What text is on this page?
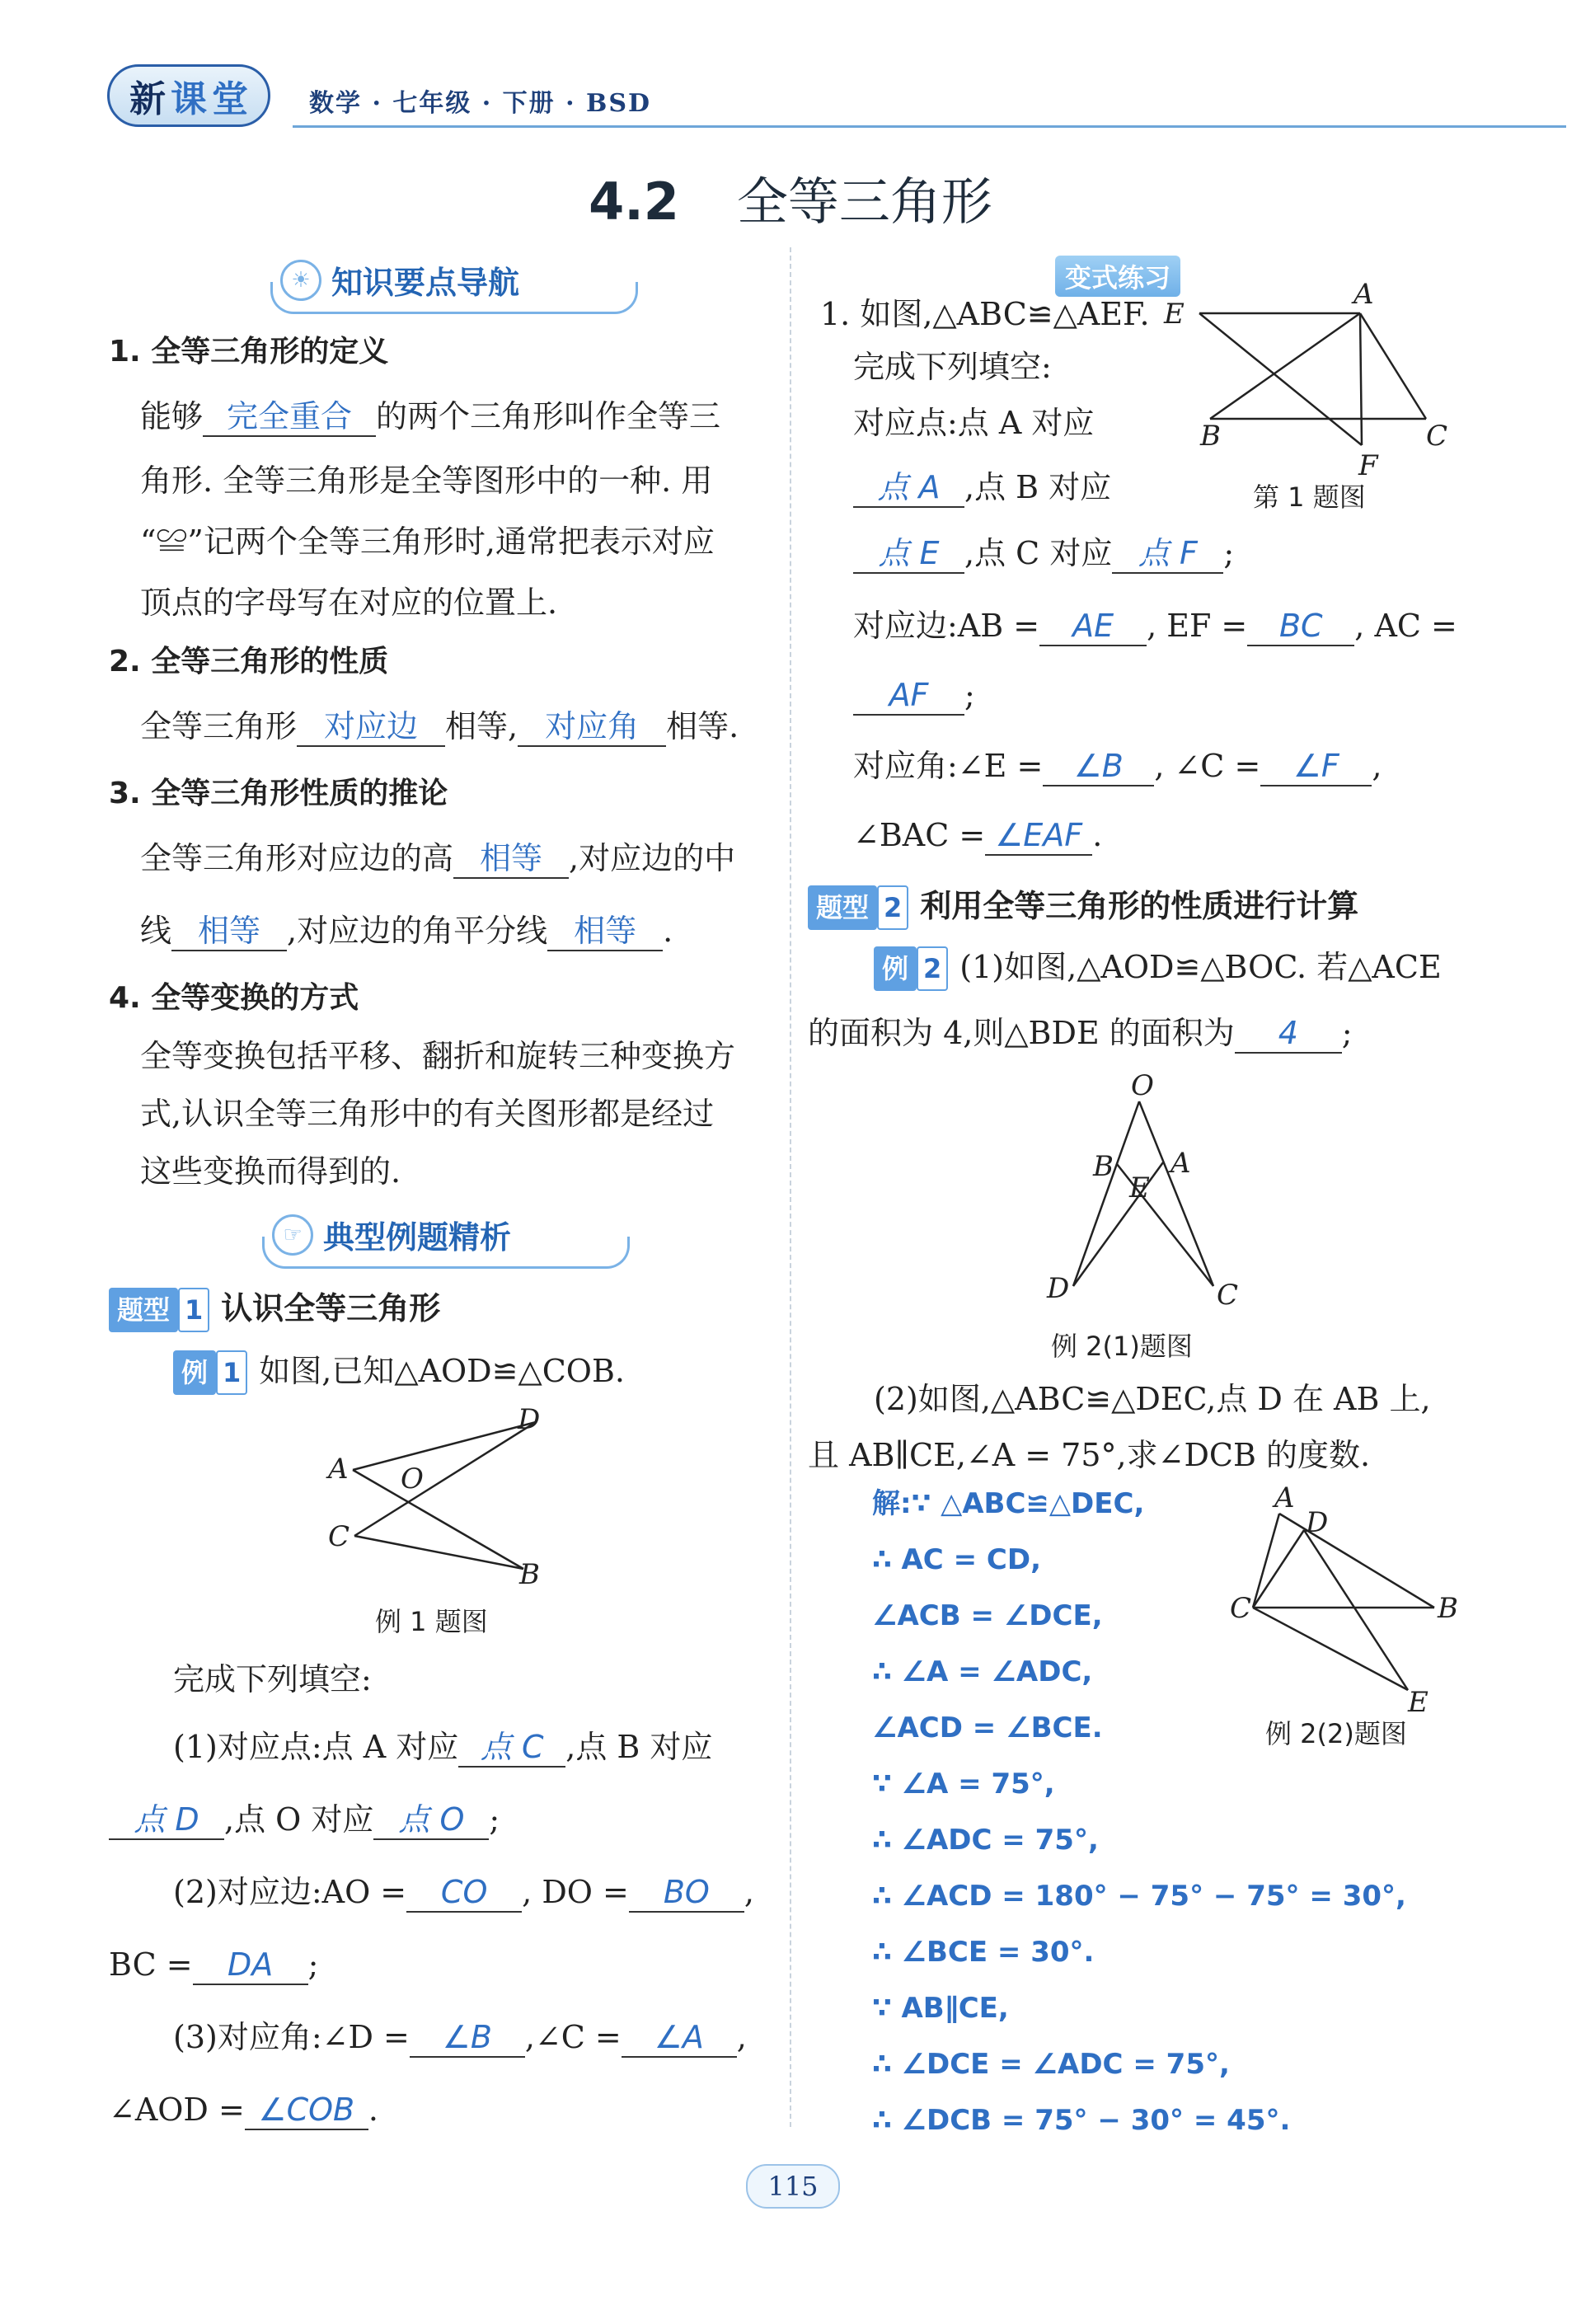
新 课 堂 数学 · 七年级 · 下册 · BSD
4.2 全等三角形
☀ 知识要点导航
1. 全等三角形的定义
能够 完全重合 的两个三角形叫作全等三
角形. 全等三角形是全等图形中的一种. 用
“≌”记两个全等三角形时,通常把表示对应
顶点的字母写在对应的位置上.
2. 全等三角形的性质
全等三角形 对应边 相等, 对应角 相等.
3. 全等三角形性质的推论
全等三角形对应边的高 相等 ,对应边的中
线 相等 ,对应边的角平分线 相等 .
4. 全等变换的方式
全等变换包括平移、翻折和旋转三种变换方
式,认识全等三角形中的有关图形都是经过
这些变换而得到的.
☞ 典型例题精析
题型 1 认识全等三角形
例 1 如图,已知△AOD≌△COB.
A O
D
C
B
例 1 题图
完成下列填空:
(1)对应点:点 A 对应 点 C ,点 B 对应
点 D ,点 O 对应 点 O ;
(2)对应边:AO = CO , DO = BO ,
BC = DA ;
(3)对应角:∠D = ∠B ,∠C = ∠A ,
∠AOD = ∠COB .
变式练习
1. 如图,△ABC≌△AEF.
完成下列填空:
E
A
B	C
F
第 1 题图
对应点:点 A 对应
点 A ,点 B 对应
点 E ,点 C 对应 点 F ;
对应边:AB = AE , EF = BC , AC =
AF ;
对应角:∠E = ∠B , ∠C = ∠F ,
∠BAC = ∠EAF .
题型 2 利用全等三角形的性质进行计算
例 2 (1)如图,△AOD≌△BOC. 若△ACE
的面积为 4,则△BDE 的面积为 4 ;
O
B A
E
D	C
例 2(1)题图
(2)如图,△ABC≌△DEC,点 D 在 AB 上,
且 AB∥CE,∠A = 75°,求∠DCB 的度数.
A
D
C	B
E
例 2(2)题图
解:∵ △ABC≌△DEC,
∴ AC = CD,
∠ACB = ∠DCE,
∴ ∠A = ∠ADC,
∠ACD = ∠BCE.
∵ ∠A = 75°,
∴ ∠ADC = 75°,
∴ ∠ACD = 180° − 75° − 75° = 30°,
∴ ∠BCE = 30°.
∵ AB∥CE,
∴ ∠DCE = ∠ADC = 75°,
∴ ∠DCB = 75° − 30° = 45°.
115
